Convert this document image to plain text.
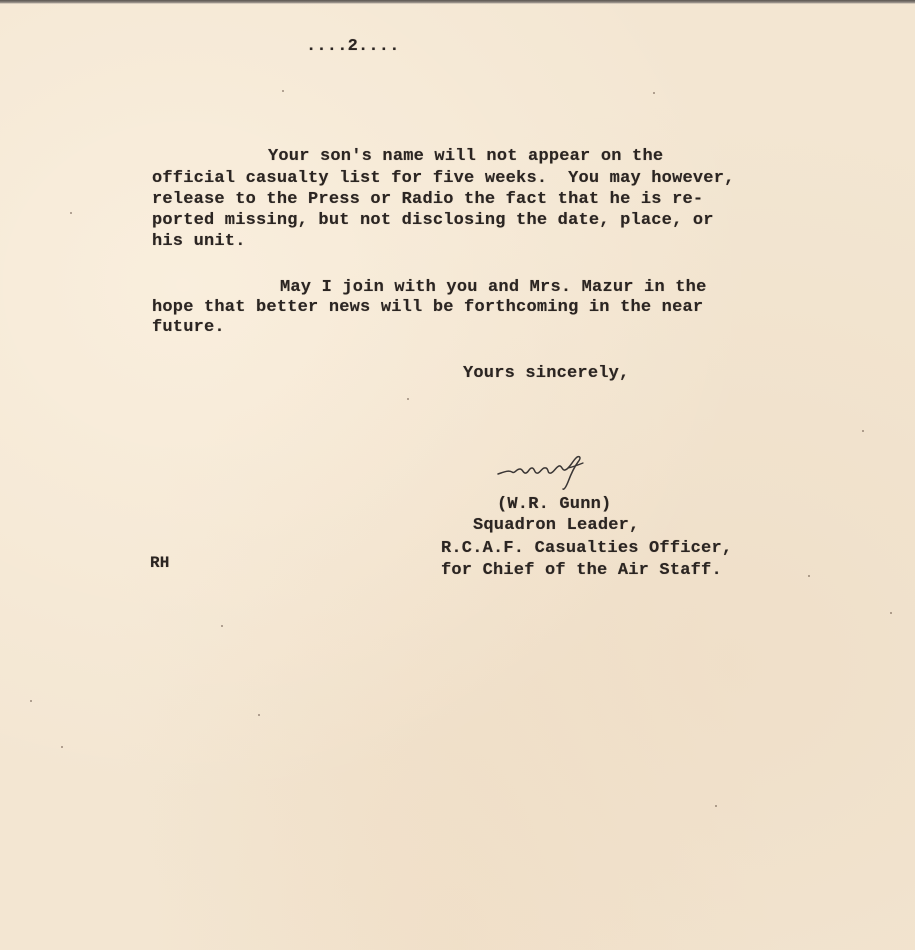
....2....
Your son's name will not appear on the
official casualty list for five weeks.  You may however,
release to the Press or Radio the fact that he is re-
ported missing, but not disclosing the date, place, or
his unit.
May I join with you and Mrs. Mazur in the
hope that better news will be forthcoming in the near
future.
Yours sincerely,
(W.R. Gunn)
Squadron Leader,
R.C.A.F. Casualties Officer,
for Chief of the Air Staff.
RH
